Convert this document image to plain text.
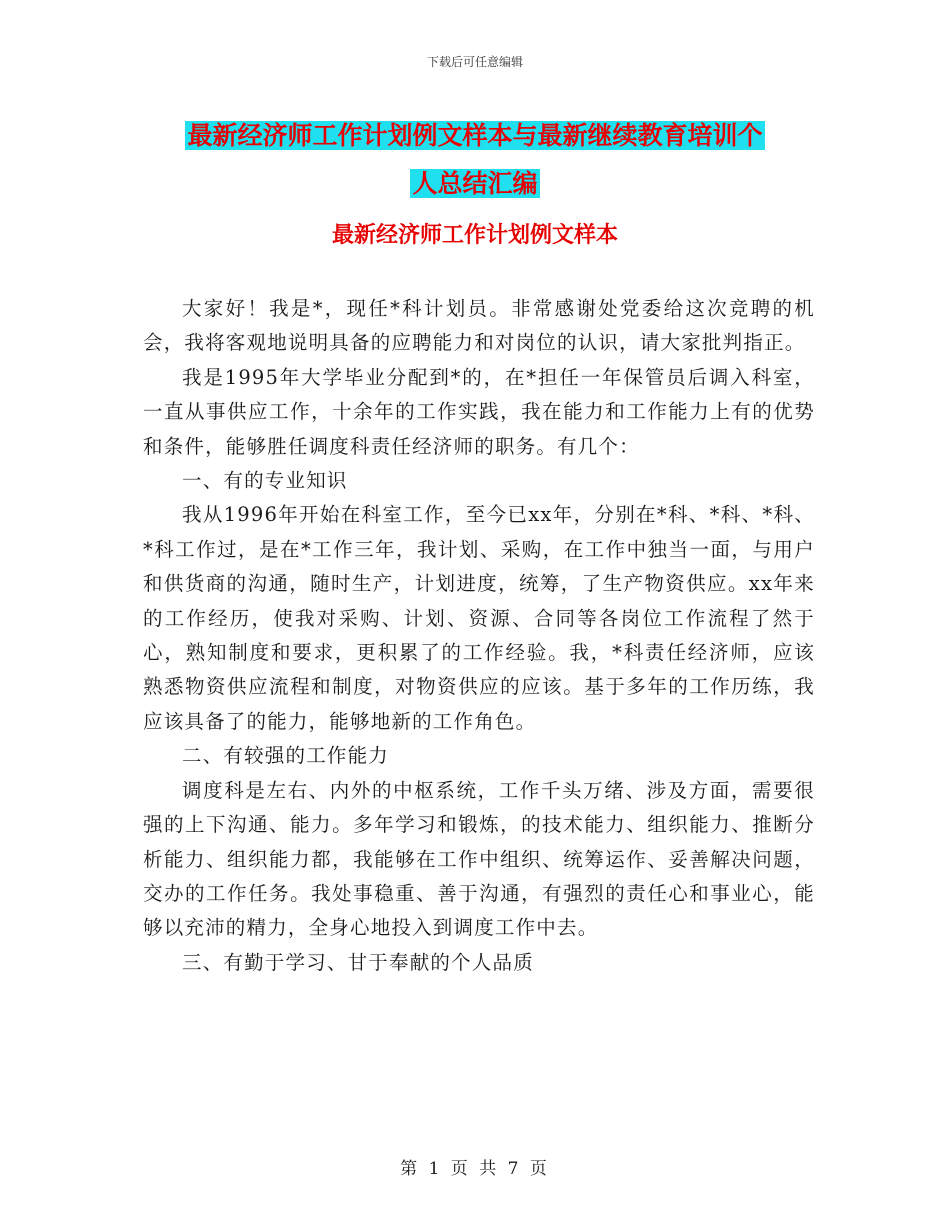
下载后可任意编辑
最新经济师工作计划例文样本与最新继续教育培训个
人总结汇编
最新经济师工作计划例文样本

大家好！我是*，现任*科计划员。非常感谢处党委给这次竞聘的机会，我将客观地说明具备的应聘能力和对岗位的认识，请大家批判指正。

我是1995年大学毕业分配到*的，在*担任一年保管员后调入科室，一直从事供应工作，十余年的工作实践，我在能力和工作能力上有的优势和条件，能够胜任调度科责任经济师的职务。有几个：

一、有的专业知识

我从1996年开始在科室工作，至今已xx年，分别在*科、*科、*科、*科工作过，是在*工作三年，我计划、采购，在工作中独当一面，与用户和供货商的沟通，随时生产，计划进度，统筹，了生产物资供应。xx年来的工作经历，使我对采购、计划、资源、合同等各岗位工作流程了然于心，熟知制度和要求，更积累了的工作经验。我，*科责任经济师，应该熟悉物资供应流程和制度，对物资供应的应该。基于多年的工作历练，我应该具备了的能力，能够地新的工作角色。

二、有较强的工作能力

调度科是左右、内外的中枢系统，工作千头万绪、涉及方面，需要很强的上下沟通、能力。多年学习和锻炼，的技术能力、组织能力、推断分析能力、组织能力都，我能够在工作中组织、统筹运作、妥善解决问题，交办的工作任务。我处事稳重、善于沟通，有强烈的责任心和事业心，能够以充沛的精力，全身心地投入到调度工作中去。

三、有勤于学习、甘于奉献的个人品质

第 1 页 共 7 页
